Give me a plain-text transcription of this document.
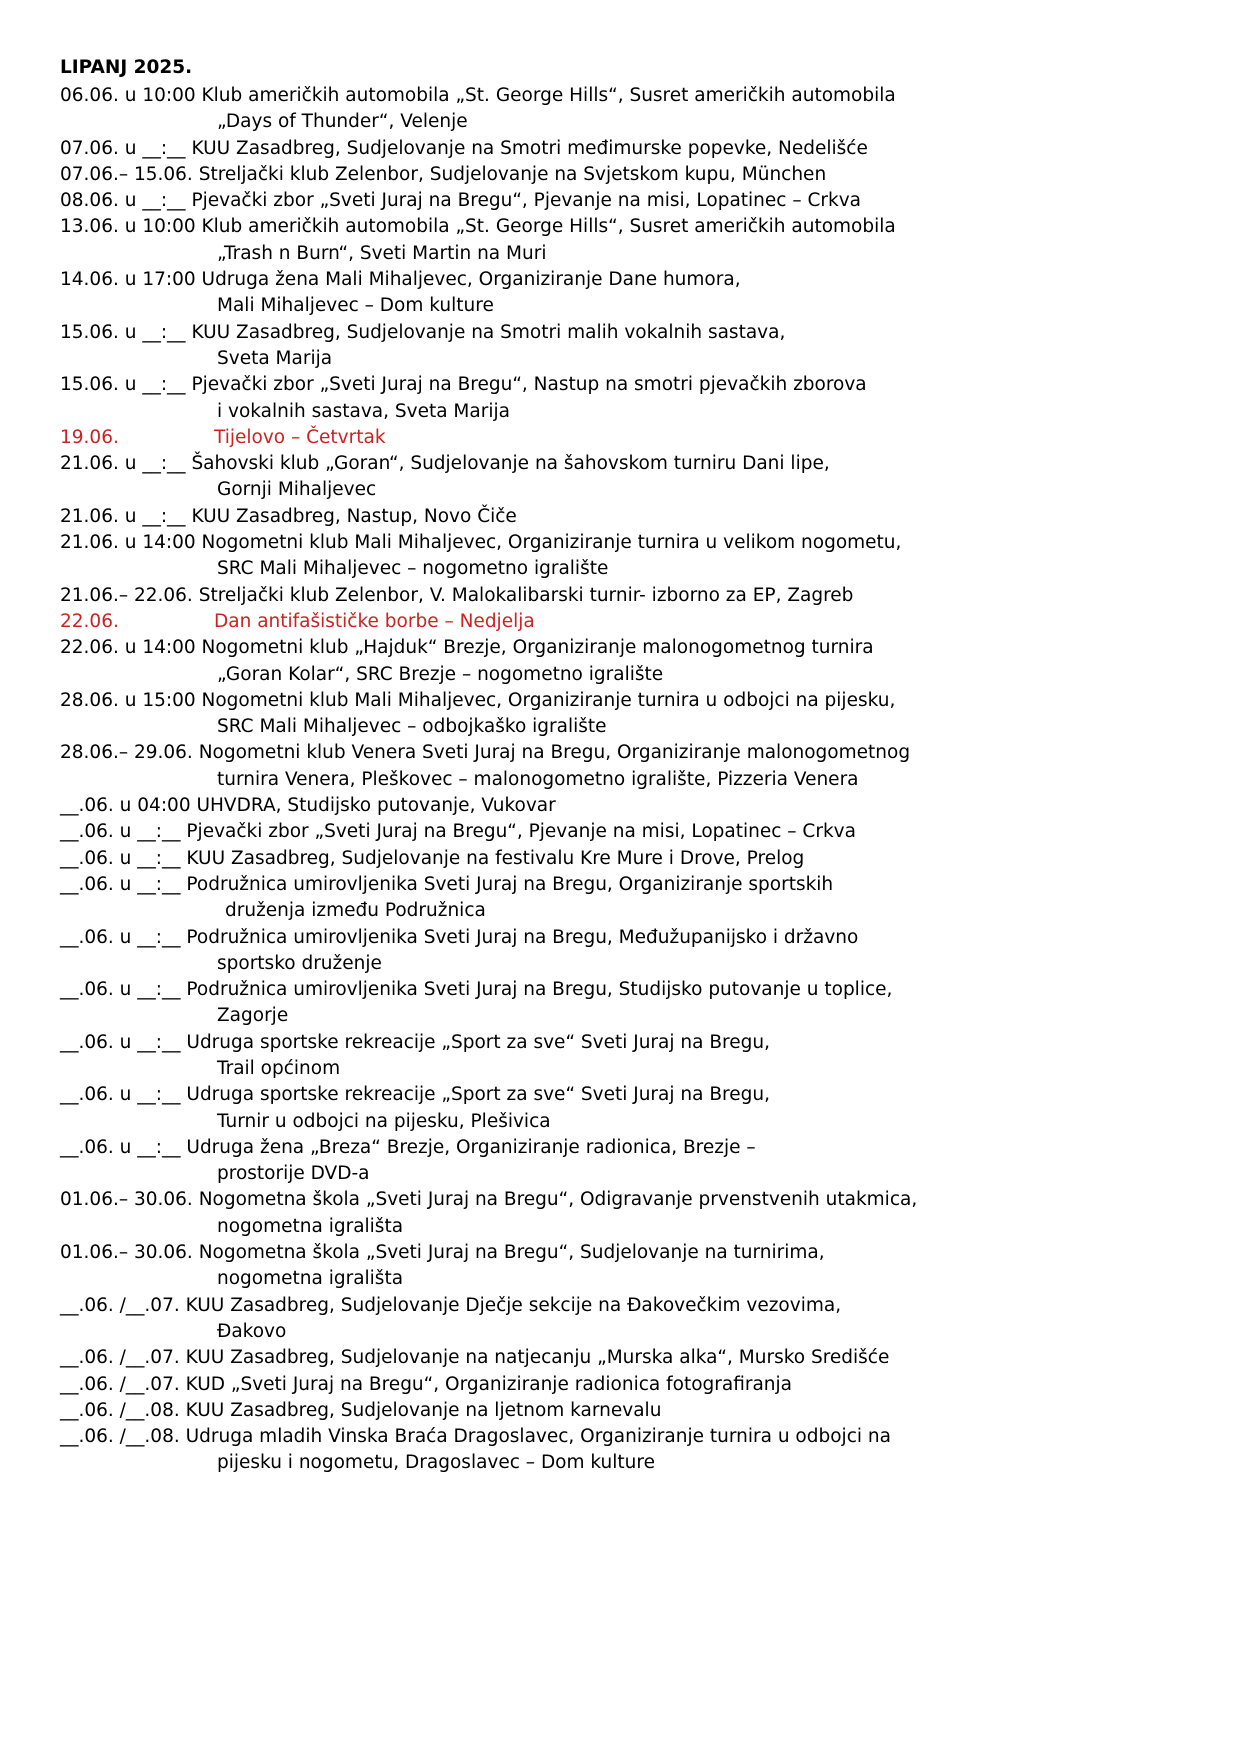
LIPANJ 2025.
06.06. u 10:00 Klub američkih automobila „St. George Hills“, Susret američkih automobila
„Days of Thunder“, Velenje
07.06. u __:__ KUU Zasadbreg, Sudjelovanje na Smotri međimurske popevke, Nedelišće
07.06.– 15.06. Streljački klub Zelenbor, Sudjelovanje na Svjetskom kupu, München
08.06. u __:__ Pjevački zbor „Sveti Juraj na Bregu“, Pjevanje na misi, Lopatinec – Crkva
13.06. u 10:00 Klub američkih automobila „St. George Hills“, Susret američkih automobila
„Trash n Burn“, Sveti Martin na Muri
14.06. u 17:00 Udruga žena Mali Mihaljevec, Organiziranje Dane humora,
Mali Mihaljevec – Dom kulture
15.06. u __:__ KUU Zasadbreg, Sudjelovanje na Smotri malih vokalnih sastava,
Sveta Marija
15.06. u __:__ Pjevački zbor „Sveti Juraj na Bregu“, Nastup na smotri pjevačkih zborova
i vokalnih sastava, Sveta Marija
19.06.	Tijelovo – Četvrtak
21.06. u __:__ Šahovski klub „Goran“, Sudjelovanje na šahovskom turniru Dani lipe,
Gornji Mihaljevec
21.06. u __:__ KUU Zasadbreg, Nastup, Novo Čiče
21.06. u 14:00 Nogometni klub Mali Mihaljevec, Organiziranje turnira u velikom nogometu,
SRC Mali Mihaljevec – nogometno igralište
21.06.– 22.06. Streljački klub Zelenbor, V. Malokalibarski turnir- izborno za EP, Zagreb
22.06.	Dan antifašističke borbe – Nedjelja
22.06. u 14:00 Nogometni klub „Hajduk“ Brezje, Organiziranje malonogometnog turnira
„Goran Kolar“, SRC Brezje – nogometno igralište
28.06. u 15:00 Nogometni klub Mali Mihaljevec, Organiziranje turnira u odbojci na pijesku,
SRC Mali Mihaljevec – odbojkaško igralište
28.06.– 29.06. Nogometni klub Venera Sveti Juraj na Bregu, Organiziranje malonogometnog
turnira Venera, Pleškovec – malonogometno igralište, Pizzeria Venera
__.06. u 04:00 UHVDRA, Studijsko putovanje, Vukovar
__.06. u __:__ Pjevački zbor „Sveti Juraj na Bregu“, Pjevanje na misi, Lopatinec – Crkva
__.06. u __:__ KUU Zasadbreg, Sudjelovanje na festivalu Kre Mure i Drove, Prelog
__.06. u __:__ Podružnica umirovljenika Sveti Juraj na Bregu, Organiziranje sportskih
druženja između Podružnica
__.06. u __:__ Podružnica umirovljenika Sveti Juraj na Bregu, Međužupanijsko i državno
sportsko druženje
__.06. u __:__ Podružnica umirovljenika Sveti Juraj na Bregu, Studijsko putovanje u toplice,
Zagorje
__.06. u __:__ Udruga sportske rekreacije „Sport za sve“ Sveti Juraj na Bregu,
Trail općinom
__.06. u __:__ Udruga sportske rekreacije „Sport za sve“ Sveti Juraj na Bregu,
Turnir u odbojci na pijesku, Plešivica
__.06. u __:__ Udruga žena „Breza“ Brezje, Organiziranje radionica, Brezje –
prostorije DVD-a
01.06.– 30.06. Nogometna škola „Sveti Juraj na Bregu“, Odigravanje prvenstvenih utakmica,
nogometna igrališta
01.06.– 30.06. Nogometna škola „Sveti Juraj na Bregu“, Sudjelovanje na turnirima,
nogometna igrališta
__.06. /__.07. KUU Zasadbreg, Sudjelovanje Dječje sekcije na Đakovečkim vezovima,
Đakovo
__.06. /__.07. KUU Zasadbreg, Sudjelovanje na natjecanju „Murska alka“, Mursko Središće
__.06. /__.07. KUD „Sveti Juraj na Bregu“, Organiziranje radionica fotografiranja
__.06. /__.08. KUU Zasadbreg, Sudjelovanje na ljetnom karnevalu
__.06. /__.08. Udruga mladih Vinska Braća Dragoslavec, Organiziranje turnira u odbojci na
pijesku i nogometu, Dragoslavec – Dom kulture
